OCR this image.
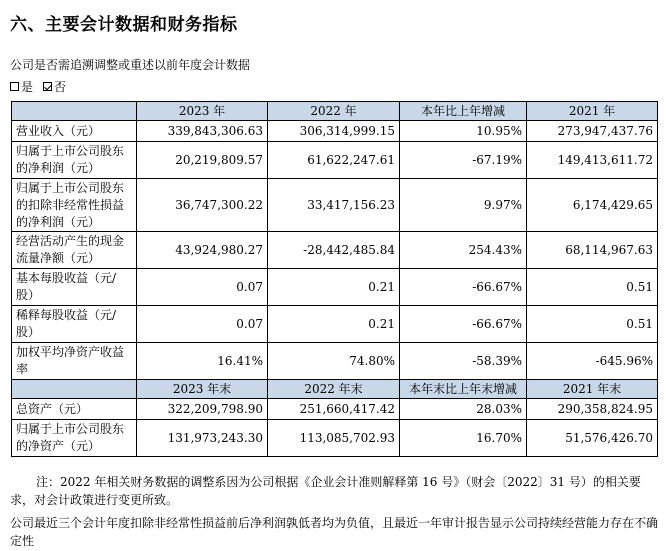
六、主要会计数据和财务指标
公司是否需追溯调整或重述以前年度会计数据
是 否
	2023 年	2022 年	本年比上年增减	2021 年
营业收入（元）	339,843,306.63	306,314,999.15	10.95%	273,947,437.76
归属于上市公司股东的净利润（元）	20,219,809.57	61,622,247.61	-67.19%	149,413,611.72
归属于上市公司股东的扣除非经常性损益的净利润（元）	36,747,300.22	33,417,156.23	9.97%	6,174,429.65
经营活动产生的现金流量净额（元）	43,924,980.27	-28,442,485.84	254.43%	68,114,967.63
基本每股收益（元/股）	0.07	0.21	-66.67%	0.51
稀释每股收益（元/股）	0.07	0.21	-66.67%	0.51
加权平均净资产收益率	16.41%	74.80%	-58.39%	-645.96%
	2023 年末	2022 年末	本年末比上年末增减	2021 年末
总资产（元）	322,209,798.90	251,660,417.42	28.03%	290,358,824.95
归属于上市公司股东的净资产（元）	131,973,243.30	113,085,702.93	16.70%	51,576,426.70
注：2022 年相关财务数据的调整系因为公司根据《企业会计准则解释第 16 号》（财会〔2022〕31 号）的相关要求，对会计政策进行变更所致。
公司最近三个会计年度扣除非经常性损益前后净利润孰低者均为负值，且最近一年审计报告显示公司持续经营能力存在不确定性
